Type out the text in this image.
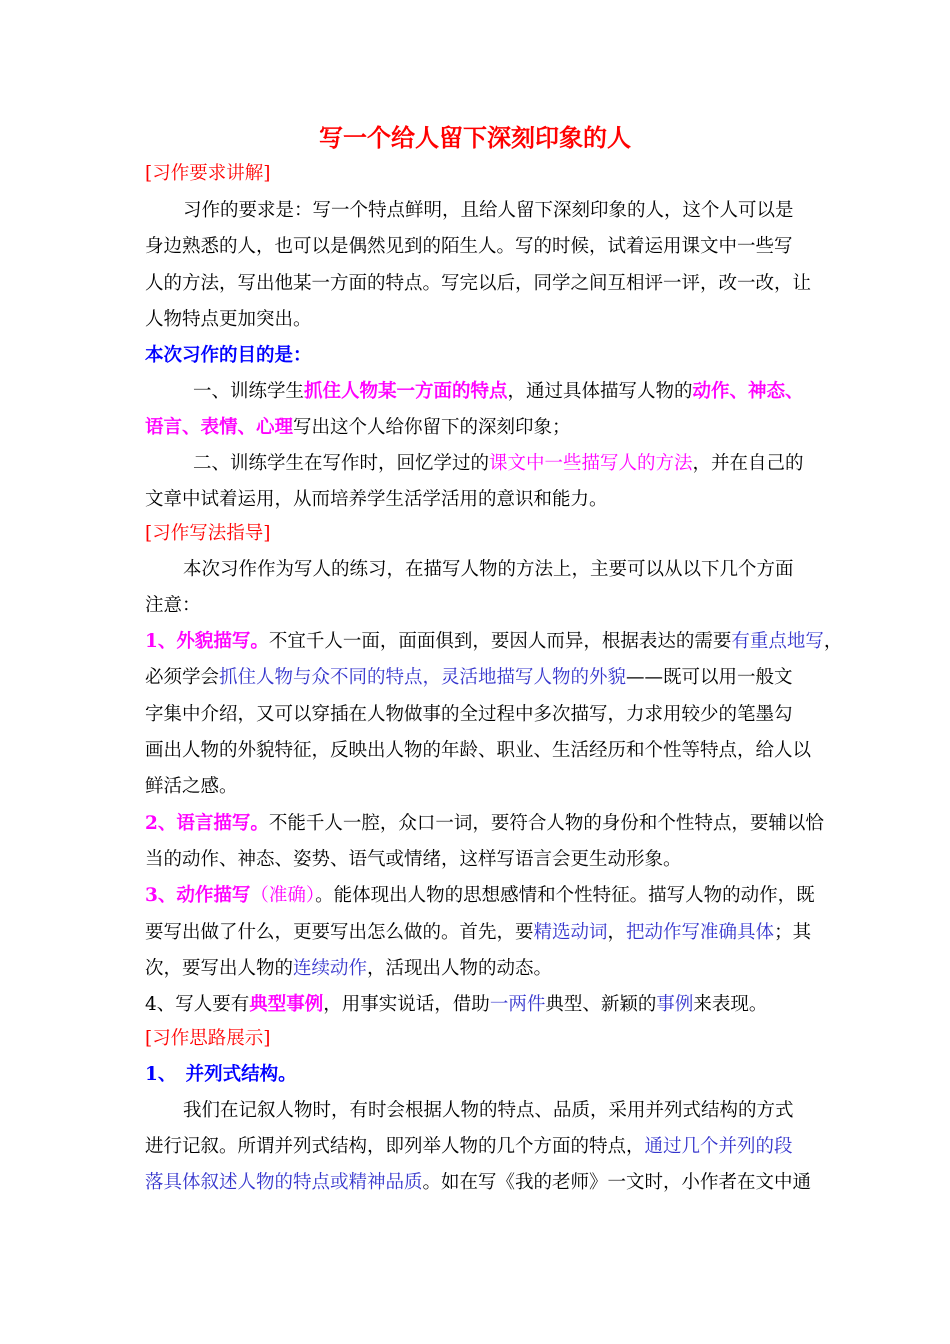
写一个给人留下深刻印象的人
[习作要求讲解]
习作的要求是：写一个特点鲜明，且给人留下深刻印象的人，这个人可以是
身边熟悉的人，也可以是偶然见到的陌生人。写的时候，试着运用课文中一些写
人的方法，写出他某一方面的特点。写完以后，同学之间互相评一评，改一改，让
人物特点更加突出。
本次习作的目的是：
一、训练学生抓住人物某一方面的特点，通过具体描写人物的动作、神态、
语言、表情、心理写出这个人给你留下的深刻印象；
二、训练学生在写作时，回忆学过的课文中一些描写人的方法，并在自己的
文章中试着运用，从而培养学生活学活用的意识和能力。
[习作写法指导]
本次习作作为写人的练习，在描写人物的方法上，主要可以从以下几个方面
注意：
1、外貌描写。不宜千人一面，面面俱到，要因人而异，根据表达的需要有重点地写，
必须学会抓住人物与众不同的特点，灵活地描写人物的外貌——既可以用一般文
字集中介绍，又可以穿插在人物做事的全过程中多次描写，力求用较少的笔墨勾
画出人物的外貌特征，反映出人物的年龄、职业、生活经历和个性等特点，给人以
鲜活之感。
2、语言描写。不能千人一腔，众口一词，要符合人物的身份和个性特点，要辅以恰
当的动作、神态、姿势、语气或情绪，这样写语言会更生动形象。
3、动作描写（准确）。能体现出人物的思想感情和个性特征。描写人物的动作，既
要写出做了什么，更要写出怎么做的。首先，要精选动词，把动作写准确具体；其
次，要写出人物的连续动作，活现出人物的动态。
4、写人要有典型事例，用事实说话，借助一两件典型、新颖的事例来表现。
[习作思路展示]
1、　并列式结构。
我们在记叙人物时，有时会根据人物的特点、品质，采用并列式结构的方式
进行记叙。所谓并列式结构，即列举人物的几个方面的特点，通过几个并列的段
落具体叙述人物的特点或精神品质。如在写《我的老师》一文时，小作者在文中通
